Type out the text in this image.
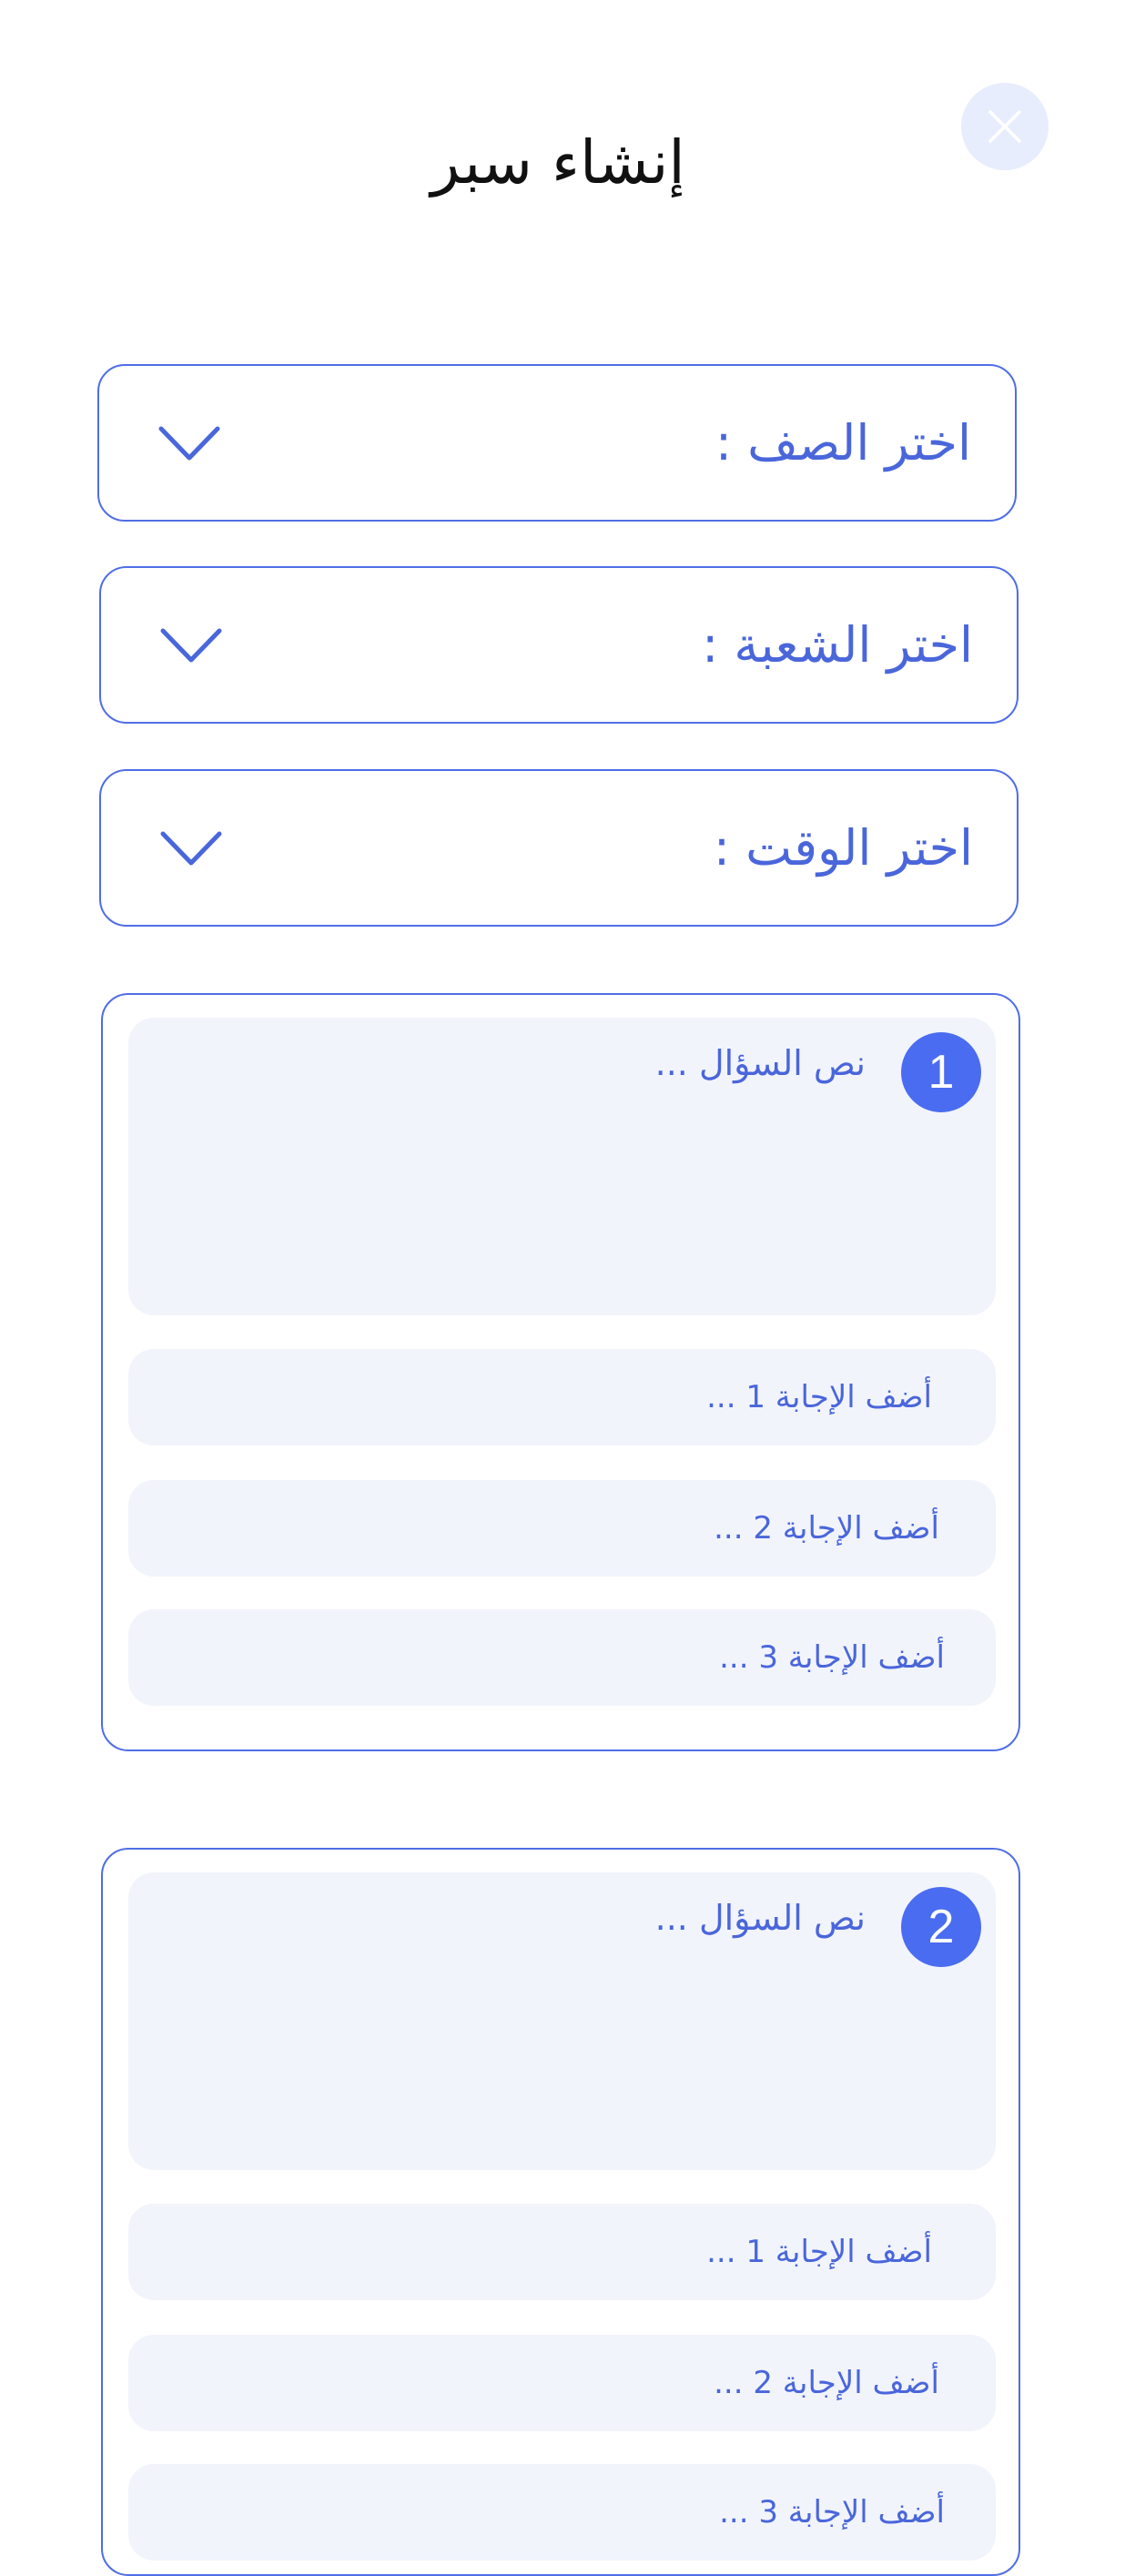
إنشاء سبر
اختر الصف :
اختر الشعبة :
اختر الوقت :
1
نص السؤال ...
أضف الإجابة 1 ...
أضف الإجابة 2 ...
أضف الإجابة 3 ...
2
نص السؤال ...
أضف الإجابة 1 ...
أضف الإجابة 2 ...
أضف الإجابة 3 ...
